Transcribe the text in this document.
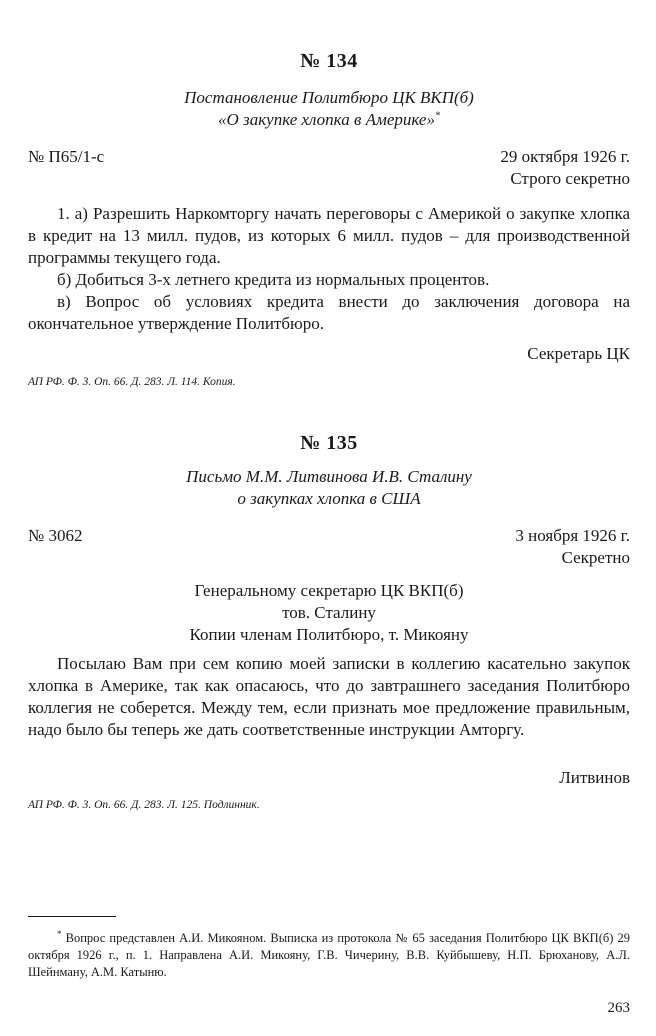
№ 134
Постановление Политбюро ЦК ВКП(б)
«О закупке хлопка в Америке»*
№ П65/1-с	29 октября 1926 г.
Строго секретно

1. а) Разрешить Наркомторгу начать переговоры с Америкой о закупке хлопка в кредит на 13 милл. пудов, из которых 6 милл. пудов – для производственной программы текущего года.

б) Добиться 3-х летнего кредита из нормальных процентов.

в) Вопрос об условиях кредита внести до заключения договора на окончательное утверждение Политбюро.

Секретарь ЦК
АП РФ. Ф. 3. Оп. 66. Д. 283. Л. 114. Копия.
№ 135
Письмо М.М. Литвинова И.В. Сталину
о закупках хлопка в США
№ 3062	3 ноября 1926 г.
Секретно
Генеральному секретарю ЦК ВКП(б)
тов. Сталину
Копии членам Политбюро, т. Микояну

Посылаю Вам при сем копию моей записки в коллегию касательно закупок хлопка в Америке, так как опасаюсь, что до завтрашнего заседания Политбюро коллегия не соберется. Между тем, если признать мое предложение правильным, надо было бы теперь же дать соответственные инструкции Амторгу.

Литвинов
АП РФ. Ф. 3. Оп. 66. Д. 283. Л. 125. Подлинник.
* Вопрос представлен А.И. Микояном. Выписка из протокола № 65 заседания Политбюро ЦК ВКП(б) 29 октября 1926 г., п. 1. Направлена А.И. Микояну, Г.В. Чичерину, В.В. Куйбышеву, Н.П. Брюханову, А.Л. Шейнману, А.М. Катыню.
263
